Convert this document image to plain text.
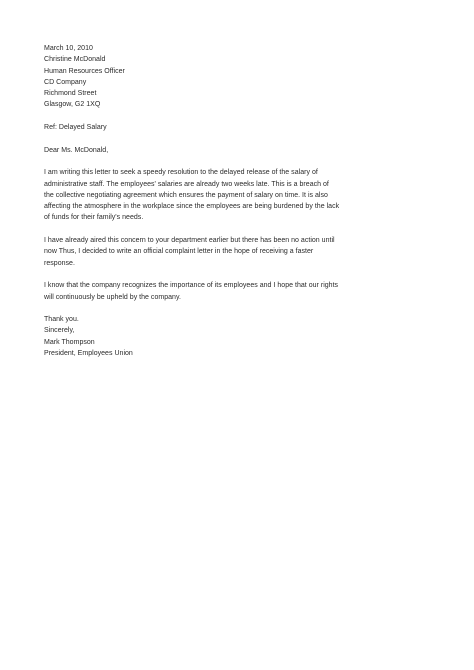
March 10, 2010
Christine McDonald
Human Resources Officer
CD Company
Richmond Street
Glasgow, G2 1XQ
Ref: Delayed Salary
Dear Ms. McDonald,
I am writing this letter to seek a speedy resolution to the delayed release of the salary of
administrative staff. The employees' salaries are already two weeks late. This is a breach of
the collective negotiating agreement which ensures the payment of salary on time. It is also
affecting the atmosphere in the workplace since the employees are being burdened by the lack
of funds for their family's needs.
I have already aired this concern to your department earlier but there has been no action until
now Thus, I decided to write an official complaint letter in the hope of receiving a faster
response.
I know that the company recognizes the importance of its employees and I hope that our rights
will continuously be upheld by the company.
Thank you.
Sincerely,
Mark Thompson
President, Employees Union
